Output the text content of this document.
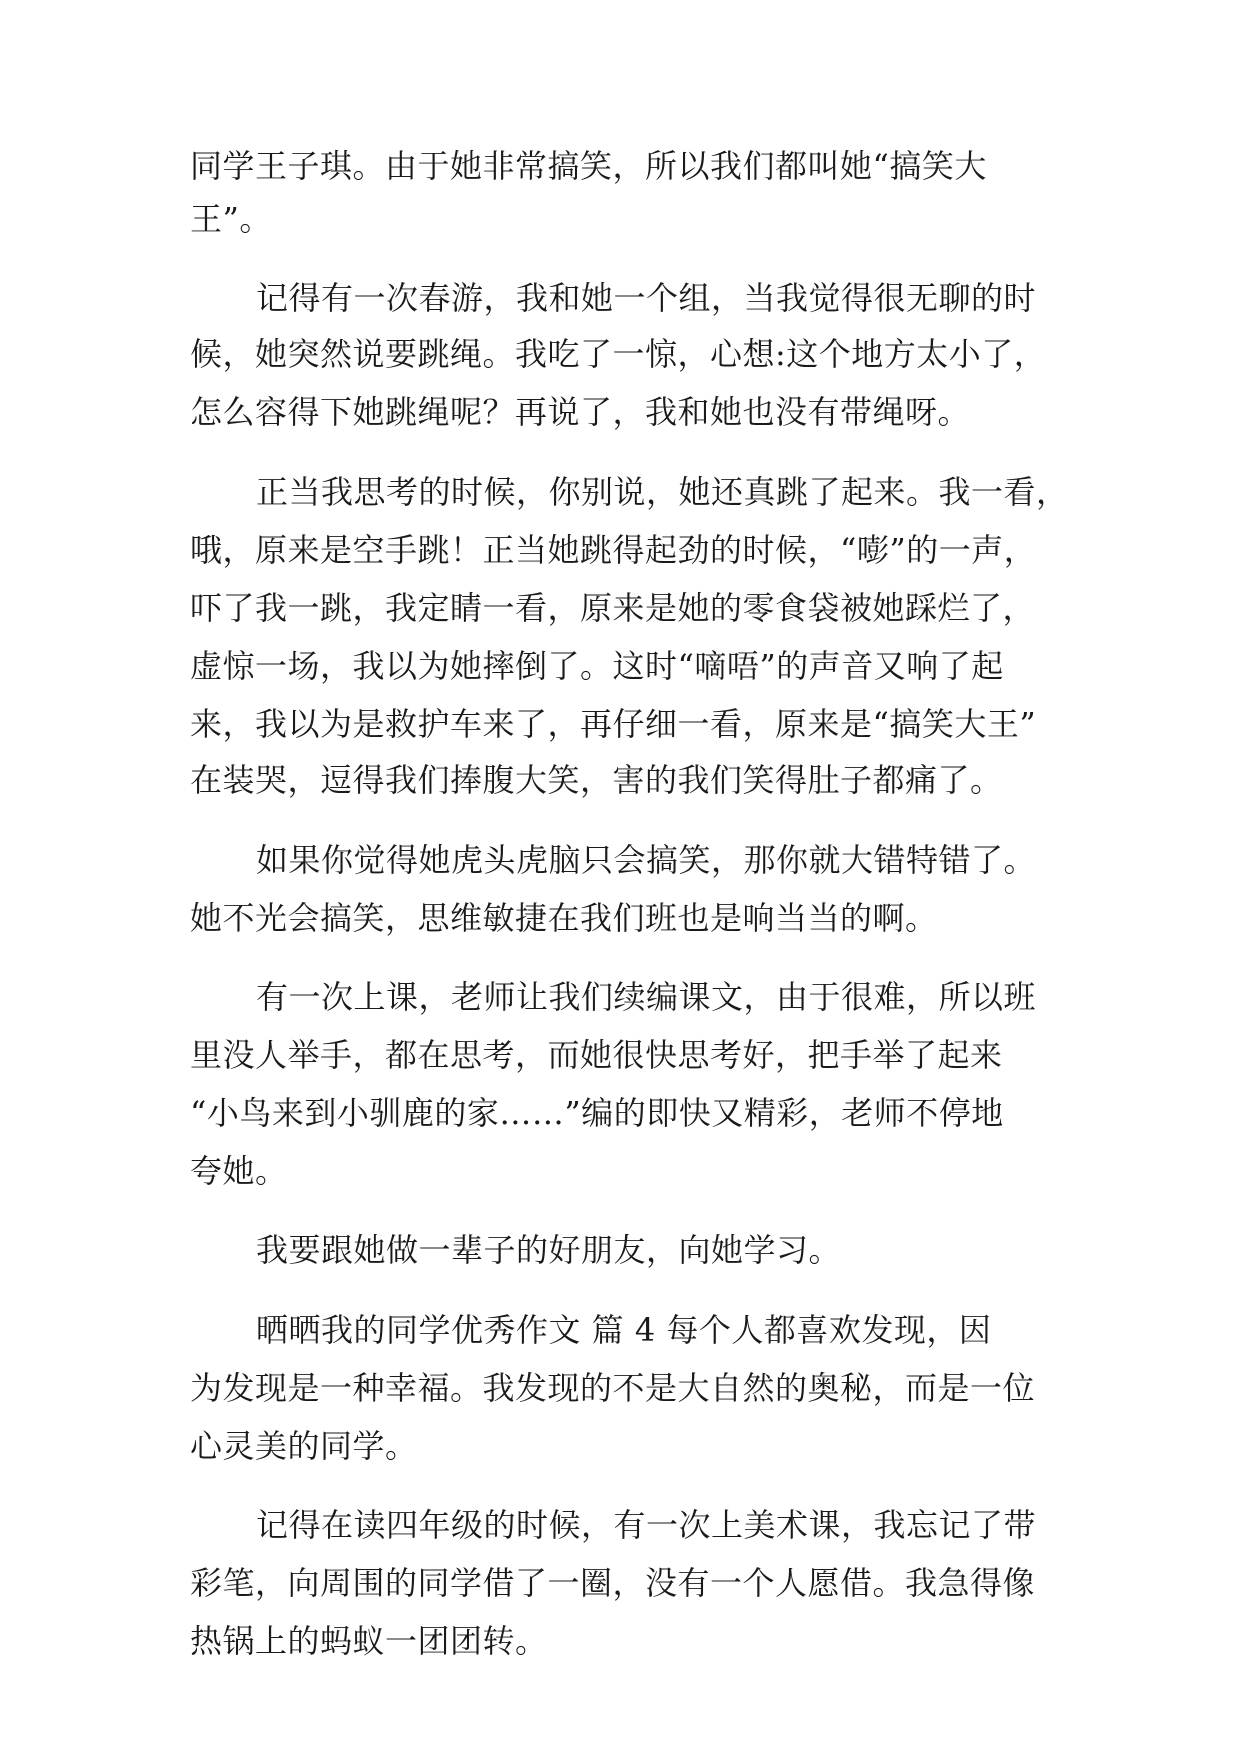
同学王子琪。由于她非常搞笑，所以我们都叫她“搞笑大
王”。
记得有一次春游，我和她一个组，当我觉得很无聊的时
候，她突然说要跳绳。我吃了一惊，心想:这个地方太小了，
怎么容得下她跳绳呢？再说了，我和她也没有带绳呀。
正当我思考的时候，你别说，她还真跳了起来。我一看，
哦，原来是空手跳！正当她跳得起劲的时候，“嘭”的一声，
吓了我一跳，我定睛一看，原来是她的零食袋被她踩烂了，
虚惊一场，我以为她摔倒了。这时“嘀唔”的声音又响了起
来，我以为是救护车来了，再仔细一看，原来是“搞笑大王”
在装哭，逗得我们捧腹大笑，害的我们笑得肚子都痛了。
如果你觉得她虎头虎脑只会搞笑，那你就大错特错了。
她不光会搞笑，思维敏捷在我们班也是响当当的啊。
有一次上课，老师让我们续编课文，由于很难，所以班
里没人举手，都在思考，而她很快思考好，把手举了起来
“小鸟来到小驯鹿的家……”编的即快又精彩，老师不停地
夸她。
我要跟她做一辈子的好朋友，向她学习。
晒晒我的同学优秀作文 篇 4 每个人都喜欢发现，因
为发现是一种幸福。我发现的不是大自然的奥秘，而是一位
心灵美的同学。
记得在读四年级的时候，有一次上美术课，我忘记了带
彩笔，向周围的同学借了一圈，没有一个人愿借。我急得像
热锅上的蚂蚁一团团转。
